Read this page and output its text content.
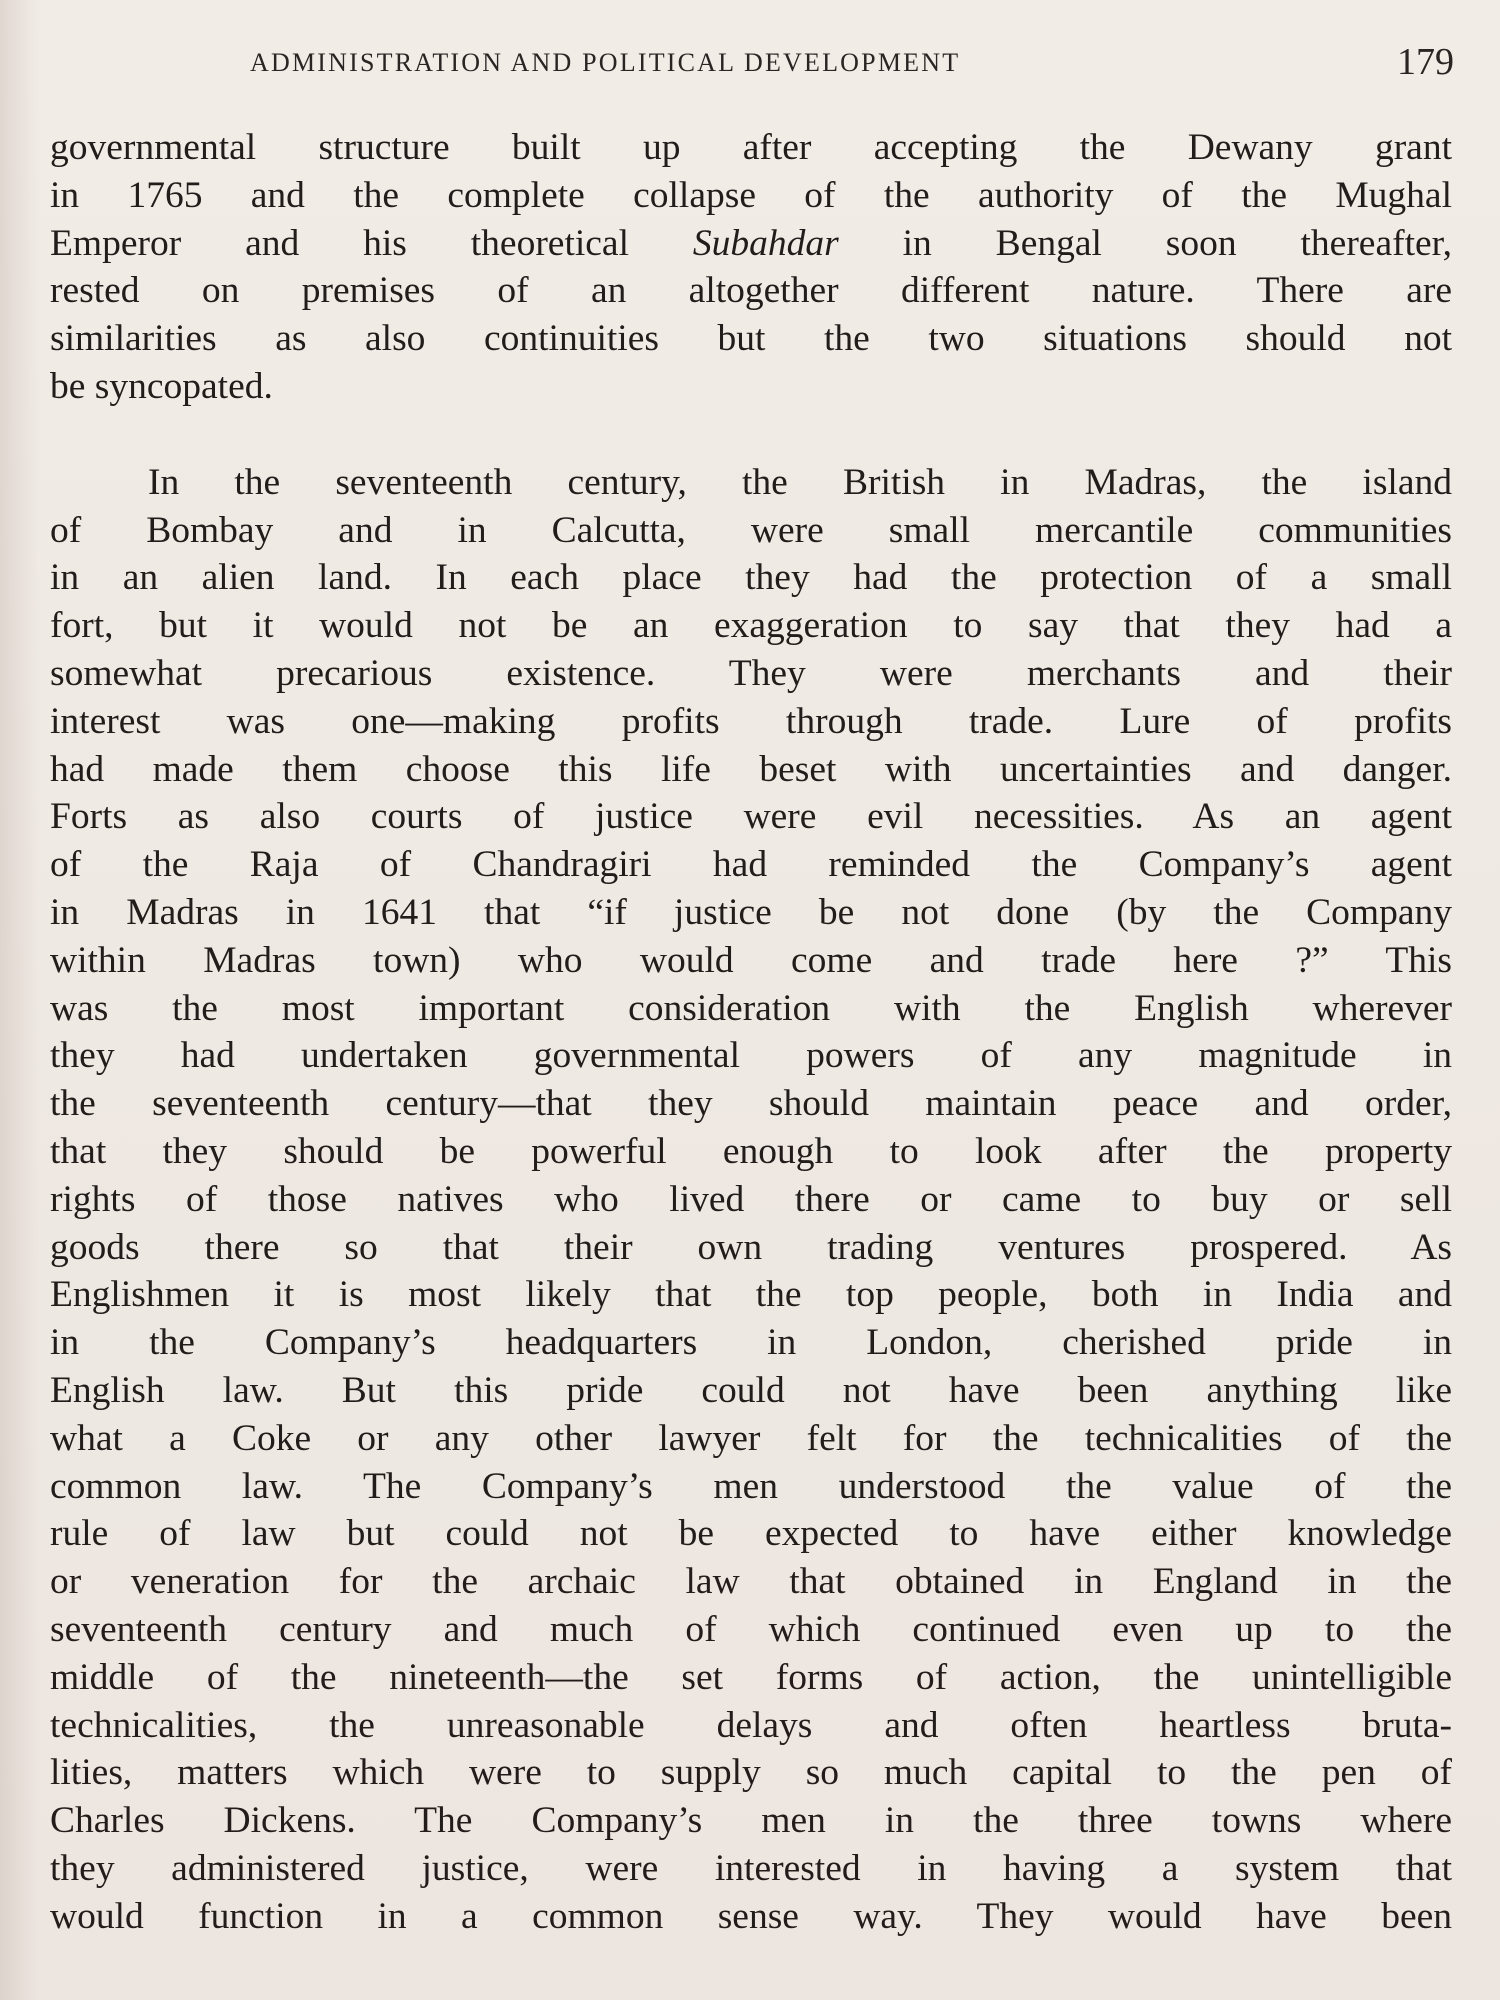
ADMINISTRATION AND POLITICAL DEVELOPMENT	179
governmental structure built up after accepting the Dewany grant
in 1765 and the complete collapse of the authority of the Mughal
Emperor and his theoretical Subahdar in Bengal soon thereafter,
rested on premises of an altogether different nature. There are
similarities as also continuities but the two situations should not
be syncopated.
In the seventeenth century, the British in Madras, the island
of Bombay and in Calcutta, were small mercantile communities
in an alien land. In each place they had the protection of a small
fort, but it would not be an exaggeration to say that they had a
somewhat precarious existence. They were merchants and their
interest was one—making profits through trade. Lure of profits
had made them choose this life beset with uncertainties and danger.
Forts as also courts of justice were evil necessities. As an agent
of the Raja of Chandragiri had reminded the Company’s agent
in Madras in 1641 that “if justice be not done (by the Company
within Madras town) who would come and trade here ?” This
was the most important consideration with the English wherever
they had undertaken governmental powers of any magnitude in
the seventeenth century—that they should maintain peace and order,
that they should be powerful enough to look after the property
rights of those natives who lived there or came to buy or sell
goods there so that their own trading ventures prospered. As
Englishmen it is most likely that the top people, both in India and
in the Company’s headquarters in London, cherished pride in
English law. But this pride could not have been anything like
what a Coke or any other lawyer felt for the technicalities of the
common law. The Company’s men understood the value of the
rule of law but could not be expected to have either knowledge
or veneration for the archaic law that obtained in England in the
seventeenth century and much of which continued even up to the
middle of the nineteenth—the set forms of action, the unintelligible
technicalities, the unreasonable delays and often heartless bruta-
lities, matters which were to supply so much capital to the pen of
Charles Dickens. The Company’s men in the three towns where
they administered justice, were interested in having a system that
would function in a common sense way. They would have been
